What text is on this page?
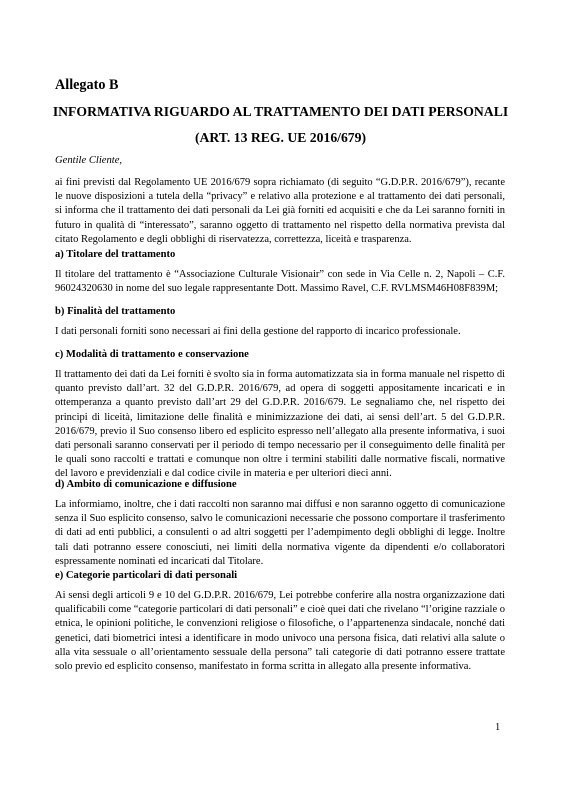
Allegato B
INFORMATIVA RIGUARDO AL TRATTAMENTO DEI DATI PERSONALI
(ART. 13 REG. UE 2016/679)
Gentile Cliente,
ai fini previsti dal Regolamento UE 2016/679 sopra richiamato (di seguito “G.D.P.R. 2016/679”), recante le nuove disposizioni a tutela della “privacy” e relativo alla protezione e al trattamento dei dati personali, si informa che il trattamento dei dati personali da Lei già forniti ed acquisiti e che da Lei saranno forniti in futuro in qualità di “interessato”, saranno oggetto di trattamento nel rispetto della normativa prevista dal citato Regolamento e degli obblighi di riservatezza, correttezza, liceità e trasparenza.
a) Titolare del trattamento
Il titolare del trattamento è “Associazione Culturale Visionair” con sede in Via Celle n. 2, Napoli – C.F. 96024320630 in nome del suo legale rappresentante Dott. Massimo Ravel, C.F. RVLMSM46H08F839M;
b) Finalità del trattamento
I dati personali forniti sono necessari ai fini della gestione del rapporto di incarico professionale.
c) Modalità di trattamento e conservazione
Il trattamento dei dati da Lei forniti è svolto sia in forma automatizzata sia in forma manuale nel rispetto di quanto previsto dall’art. 32 del G.D.P.R. 2016/679, ad opera di soggetti appositamente incaricati e in ottemperanza a quanto previsto dall’art 29 del G.D.P.R. 2016/679. Le segnaliamo che, nel rispetto dei principi di liceità, limitazione delle finalità e minimizzazione dei dati, ai sensi dell’art. 5 del G.D.P.R. 2016/679, previo il Suo consenso libero ed esplicito espresso nell’allegato alla presente informativa, i suoi dati personali saranno conservati per il periodo di tempo necessario per il conseguimento delle finalità per le quali sono raccolti e trattati e comunque non oltre i termini stabiliti dalle normative fiscali, normative del lavoro e previdenziali e dal codice civile in materia e per ulteriori dieci anni.
d) Ambito di comunicazione e diffusione
La informiamo, inoltre, che i dati raccolti non saranno mai diffusi e non saranno oggetto di comunicazione senza il Suo esplicito consenso, salvo le comunicazioni necessarie che possono comportare il trasferimento di dati ad enti pubblici, a consulenti o ad altri soggetti per l’adempimento degli obblighi di legge. Inoltre tali dati potranno essere conosciuti, nei limiti della normativa vigente da dipendenti e/o collaboratori espressamente nominati ed incaricati dal Titolare.
e) Categorie particolari di dati personali
Ai sensi degli articoli 9 e 10 del G.D.P.R. 2016/679, Lei potrebbe conferire alla nostra organizzazione dati qualificabili come “categorie particolari di dati personali” e cioè quei dati che rivelano “l’origine razziale o etnica, le opinioni politiche, le convenzioni religiose o filosofiche, o l’appartenenza sindacale, nonché dati genetici, dati biometrici intesi a identificare in modo univoco una persona fisica, dati relativi alla salute o alla vita sessuale o all’orientamento sessuale della persona” tali categorie di dati potranno essere trattate solo previo ed esplicito consenso, manifestato in forma scritta in allegato alla presente informativa.
1
